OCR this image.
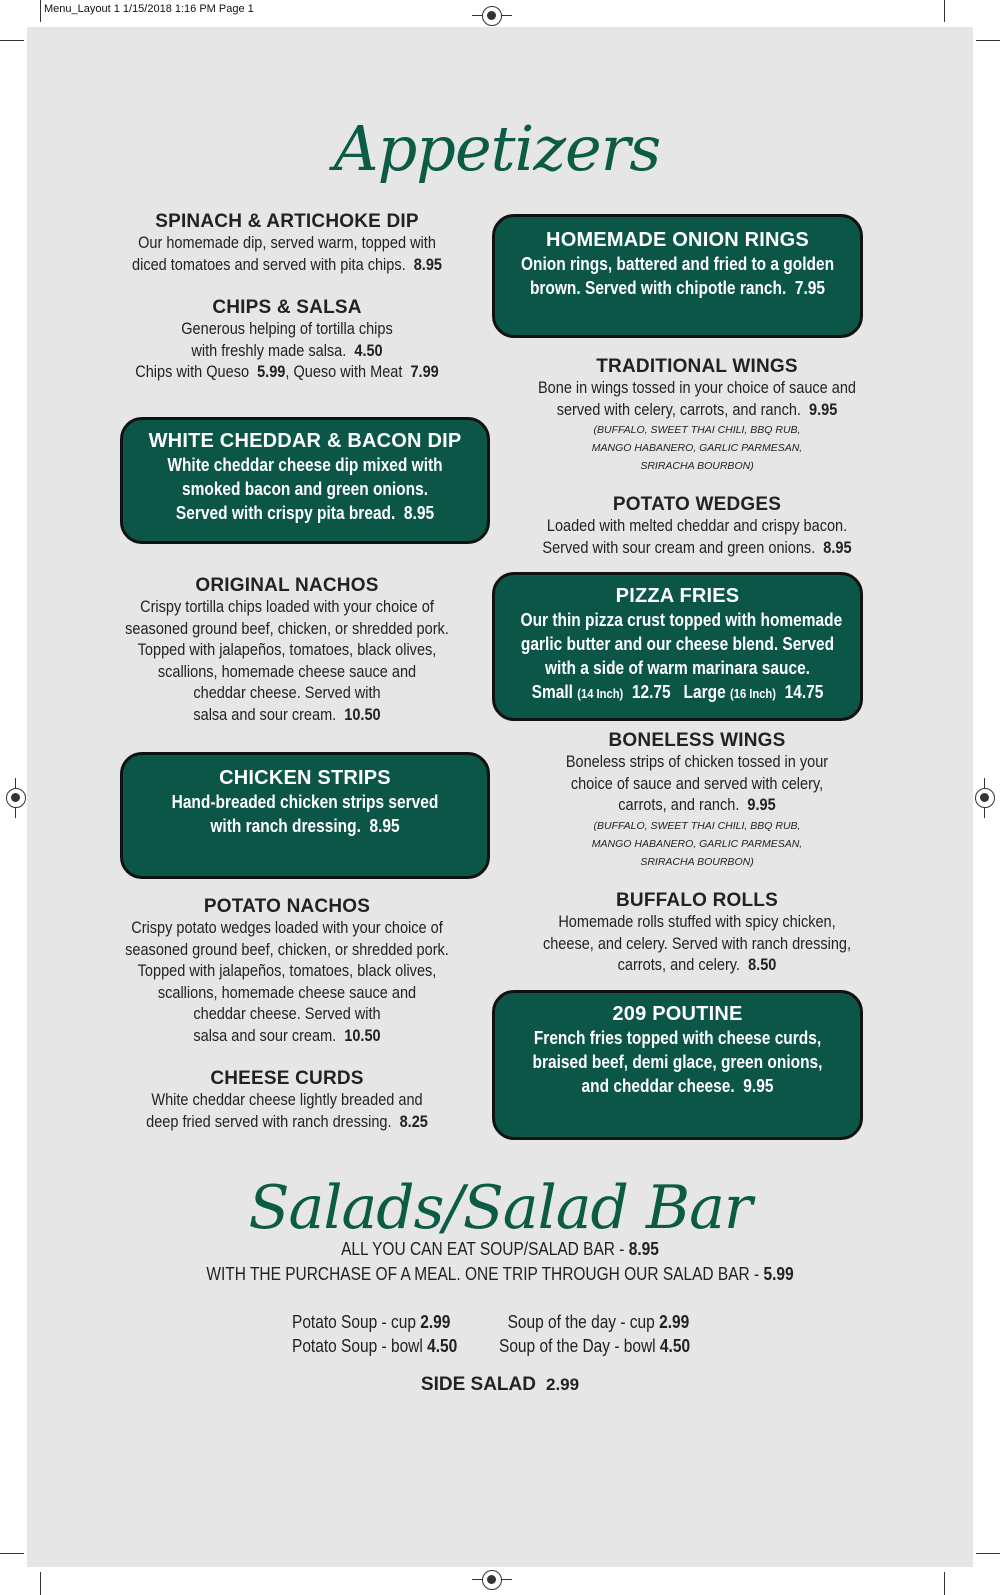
Menu_Layout 1 1/15/2018 1:16 PM Page 1
Appetizers
SPINACH & ARTICHOKE DIP
Our homemade dip, served warm, topped with
diced tomatoes and served with pita chips. 8.95
CHIPS & SALSA
Generous helping of tortilla chips
with freshly made salsa. 4.50
Chips with Queso 5.99, Queso with Meat 7.99
WHITE CHEDDAR & BACON DIP
White cheddar cheese dip mixed with
smoked bacon and green onions.
Served with crispy pita bread. 8.95
ORIGINAL NACHOS
Crispy tortilla chips loaded with your choice of
seasoned ground beef, chicken, or shredded pork.
Topped with jalapeños, tomatoes, black olives,
scallions, homemade cheese sauce and
cheddar cheese. Served with
salsa and sour cream. 10.50
CHICKEN STRIPS
Hand-breaded chicken strips served
with ranch dressing. 8.95
POTATO NACHOS
Crispy potato wedges loaded with your choice of
seasoned ground beef, chicken, or shredded pork.
Topped with jalapeños, tomatoes, black olives,
scallions, homemade cheese sauce and
cheddar cheese. Served with
salsa and sour cream. 10.50
CHEESE CURDS
White cheddar cheese lightly breaded and
deep fried served with ranch dressing. 8.25
HOMEMADE ONION RINGS
Onion rings, battered and fried to a golden
brown. Served with chipotle ranch. 7.95
TRADITIONAL WINGS
Bone in wings tossed in your choice of sauce and
served with celery, carrots, and ranch. 9.95
(BUFFALO, SWEET THAI CHILI, BBQ RUB,
MANGO HABANERO, GARLIC PARMESAN,
SRIRACHA BOURBON)
POTATO WEDGES
Loaded with melted cheddar and crispy bacon.
Served with sour cream and green onions. 8.95
PIZZA FRIES
Our thin pizza crust topped with homemade
garlic butter and our cheese blend. Served
with a side of warm marinara sauce.
Small (14 Inch) 12.75 Large (16 Inch) 14.75
BONELESS WINGS
Boneless strips of chicken tossed in your
choice of sauce and served with celery,
carrots, and ranch. 9.95
(BUFFALO, SWEET THAI CHILI, BBQ RUB,
MANGO HABANERO, GARLIC PARMESAN,
SRIRACHA BOURBON)
BUFFALO ROLLS
Homemade rolls stuffed with spicy chicken,
cheese, and celery. Served with ranch dressing,
carrots, and celery. 8.50
209 POUTINE
French fries topped with cheese curds,
braised beef, demi glace, green onions,
and cheddar cheese. 9.95
Salads/Salad Bar
ALL YOU CAN EAT SOUP/SALAD BAR - 8.95
WITH THE PURCHASE OF A MEAL. ONE TRIP THROUGH OUR SALAD BAR - 5.99
Potato Soup - cup 2.99
Potato Soup - bowl 4.50
Soup of the day - cup 2.99
Soup of the Day - bowl 4.50
SIDE SALAD 2.99
